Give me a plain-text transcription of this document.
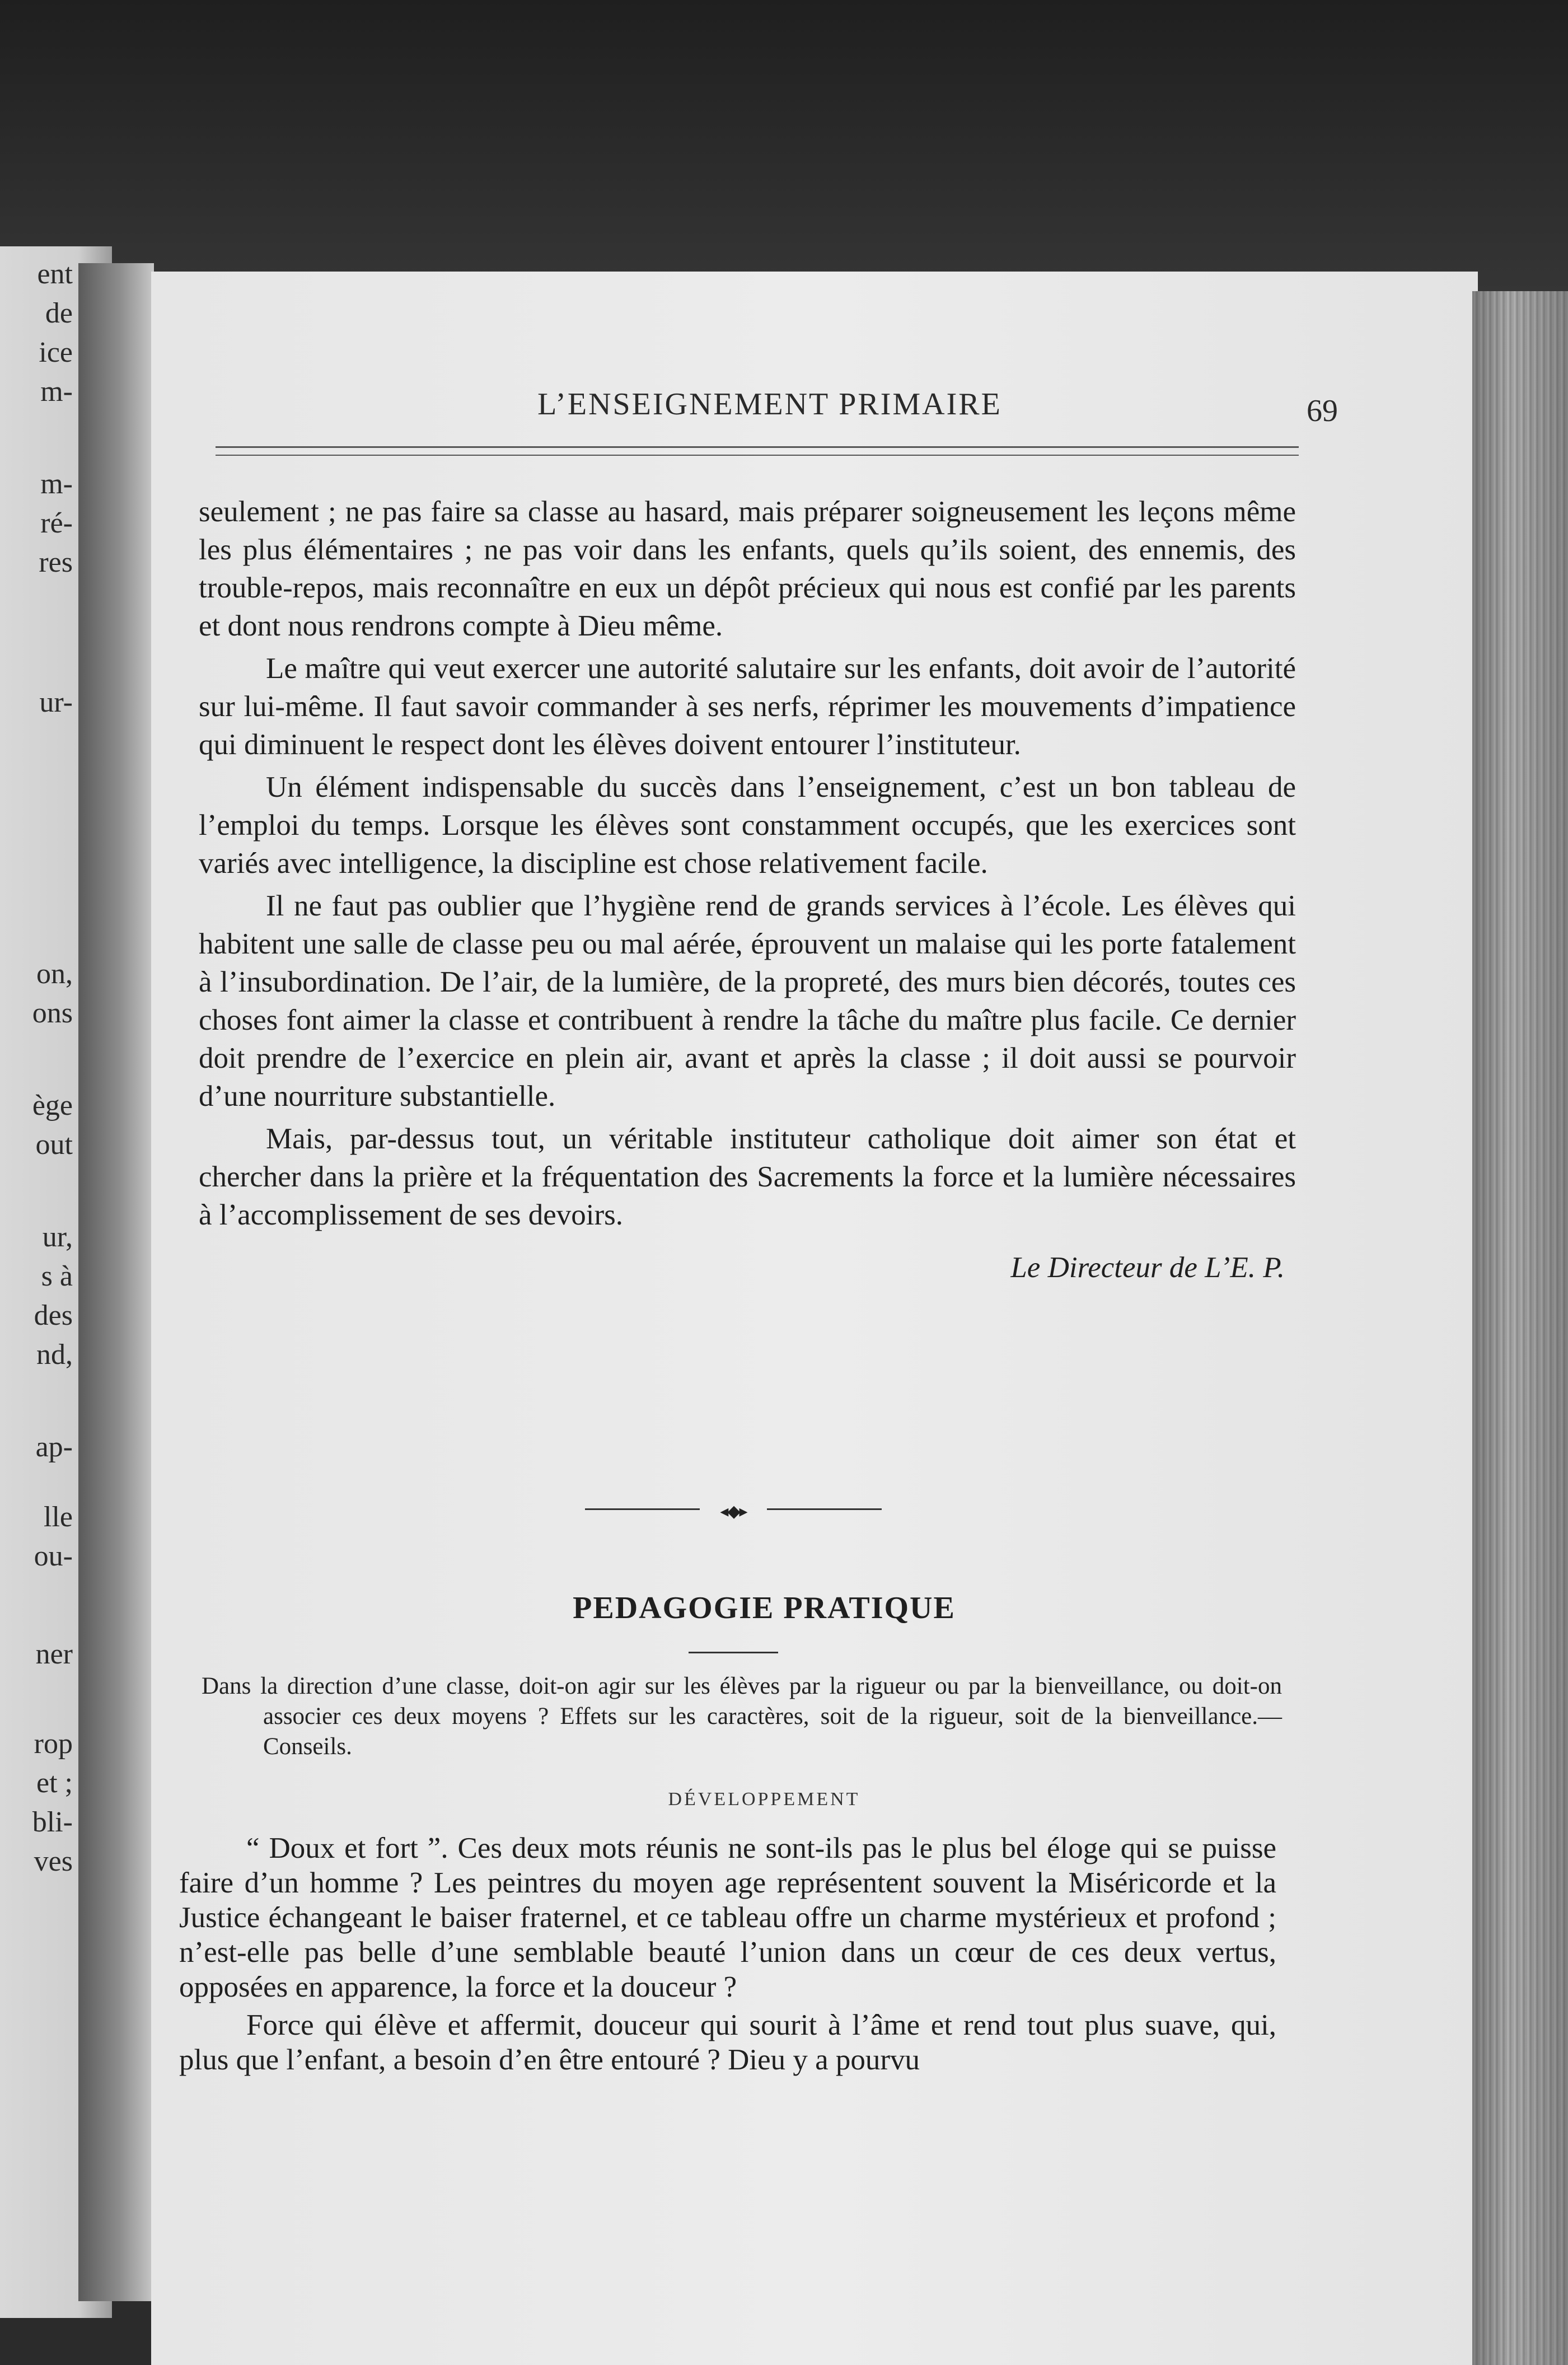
ent
de
ice
m-
m-
ré-
res
ur-
on,
ons
ège
out
ur,
s à
des
nd,
ap-
lle
ou-
ner
rop
et ;
bli-
ves
L’ENSEIGNEMENT PRIMAIRE	69

seulement ; ne pas faire sa classe au hasard, mais préparer soigneusement les leçons même les plus élémentaires ; ne pas voir dans les enfants, quels qu’ils soient, des ennemis, des trouble-repos, mais reconnaître en eux un dépôt précieux qui nous est confié par les parents et dont nous rendrons compte à Dieu même.

Le maître qui veut exercer une autorité salutaire sur les enfants, doit avoir de l’autorité sur lui-même. Il faut savoir commander à ses nerfs, réprimer les mouvements d’impatience qui diminuent le respect dont les élèves doivent entourer l’instituteur.

Un élément indispensable du succès dans l’enseignement, c’est un bon tableau de l’emploi du temps. Lorsque les élèves sont constamment occupés, que les exercices sont variés avec intelligence, la discipline est chose relativement facile.

Il ne faut pas oublier que l’hygiène rend de grands services à l’école. Les élèves qui habitent une salle de classe peu ou mal aérée, éprouvent un malaise qui les porte fatalement à l’insubordination. De l’air, de la lumière, de la propreté, des murs bien décorés, toutes ces choses font aimer la classe et contribuent à rendre la tâche du maître plus facile. Ce dernier doit prendre de l’exercice en plein air, avant et après la classe ; il doit aussi se pourvoir d’une nourriture substantielle.

Mais, par-dessus tout, un véritable instituteur catholique doit aimer son état et chercher dans la prière et la fréquentation des Sacrements la force et la lumière nécessaires à l’accomplissement de ses devoirs.

Le Directeur de L’E. P.

◂◆▸
PEDAGOGIE PRATIQUE
Dans la direction d’une classe, doit-on agir sur les élèves par la rigueur ou par la bienveillance, ou doit-on associer ces deux moyens ? Effets sur les caractères, soit de la rigueur, soit de la bienveillance.— Conseils.
DÉVELOPPEMENT

“ Doux et fort ”. Ces deux mots réunis ne sont-ils pas le plus bel éloge qui se puisse faire d’un homme ? Les peintres du moyen age représentent souvent la Miséricorde et la Justice échangeant le baiser fraternel, et ce tableau offre un charme mystérieux et profond ; n’est-elle pas belle d’une semblable beauté l’union dans un cœur de ces deux vertus, opposées en apparence, la force et la douceur ?

Force qui élève et affermit, douceur qui sourit à l’âme et rend tout plus suave, qui, plus que l’enfant, a besoin d’en être entouré ? Dieu y a pourvu
